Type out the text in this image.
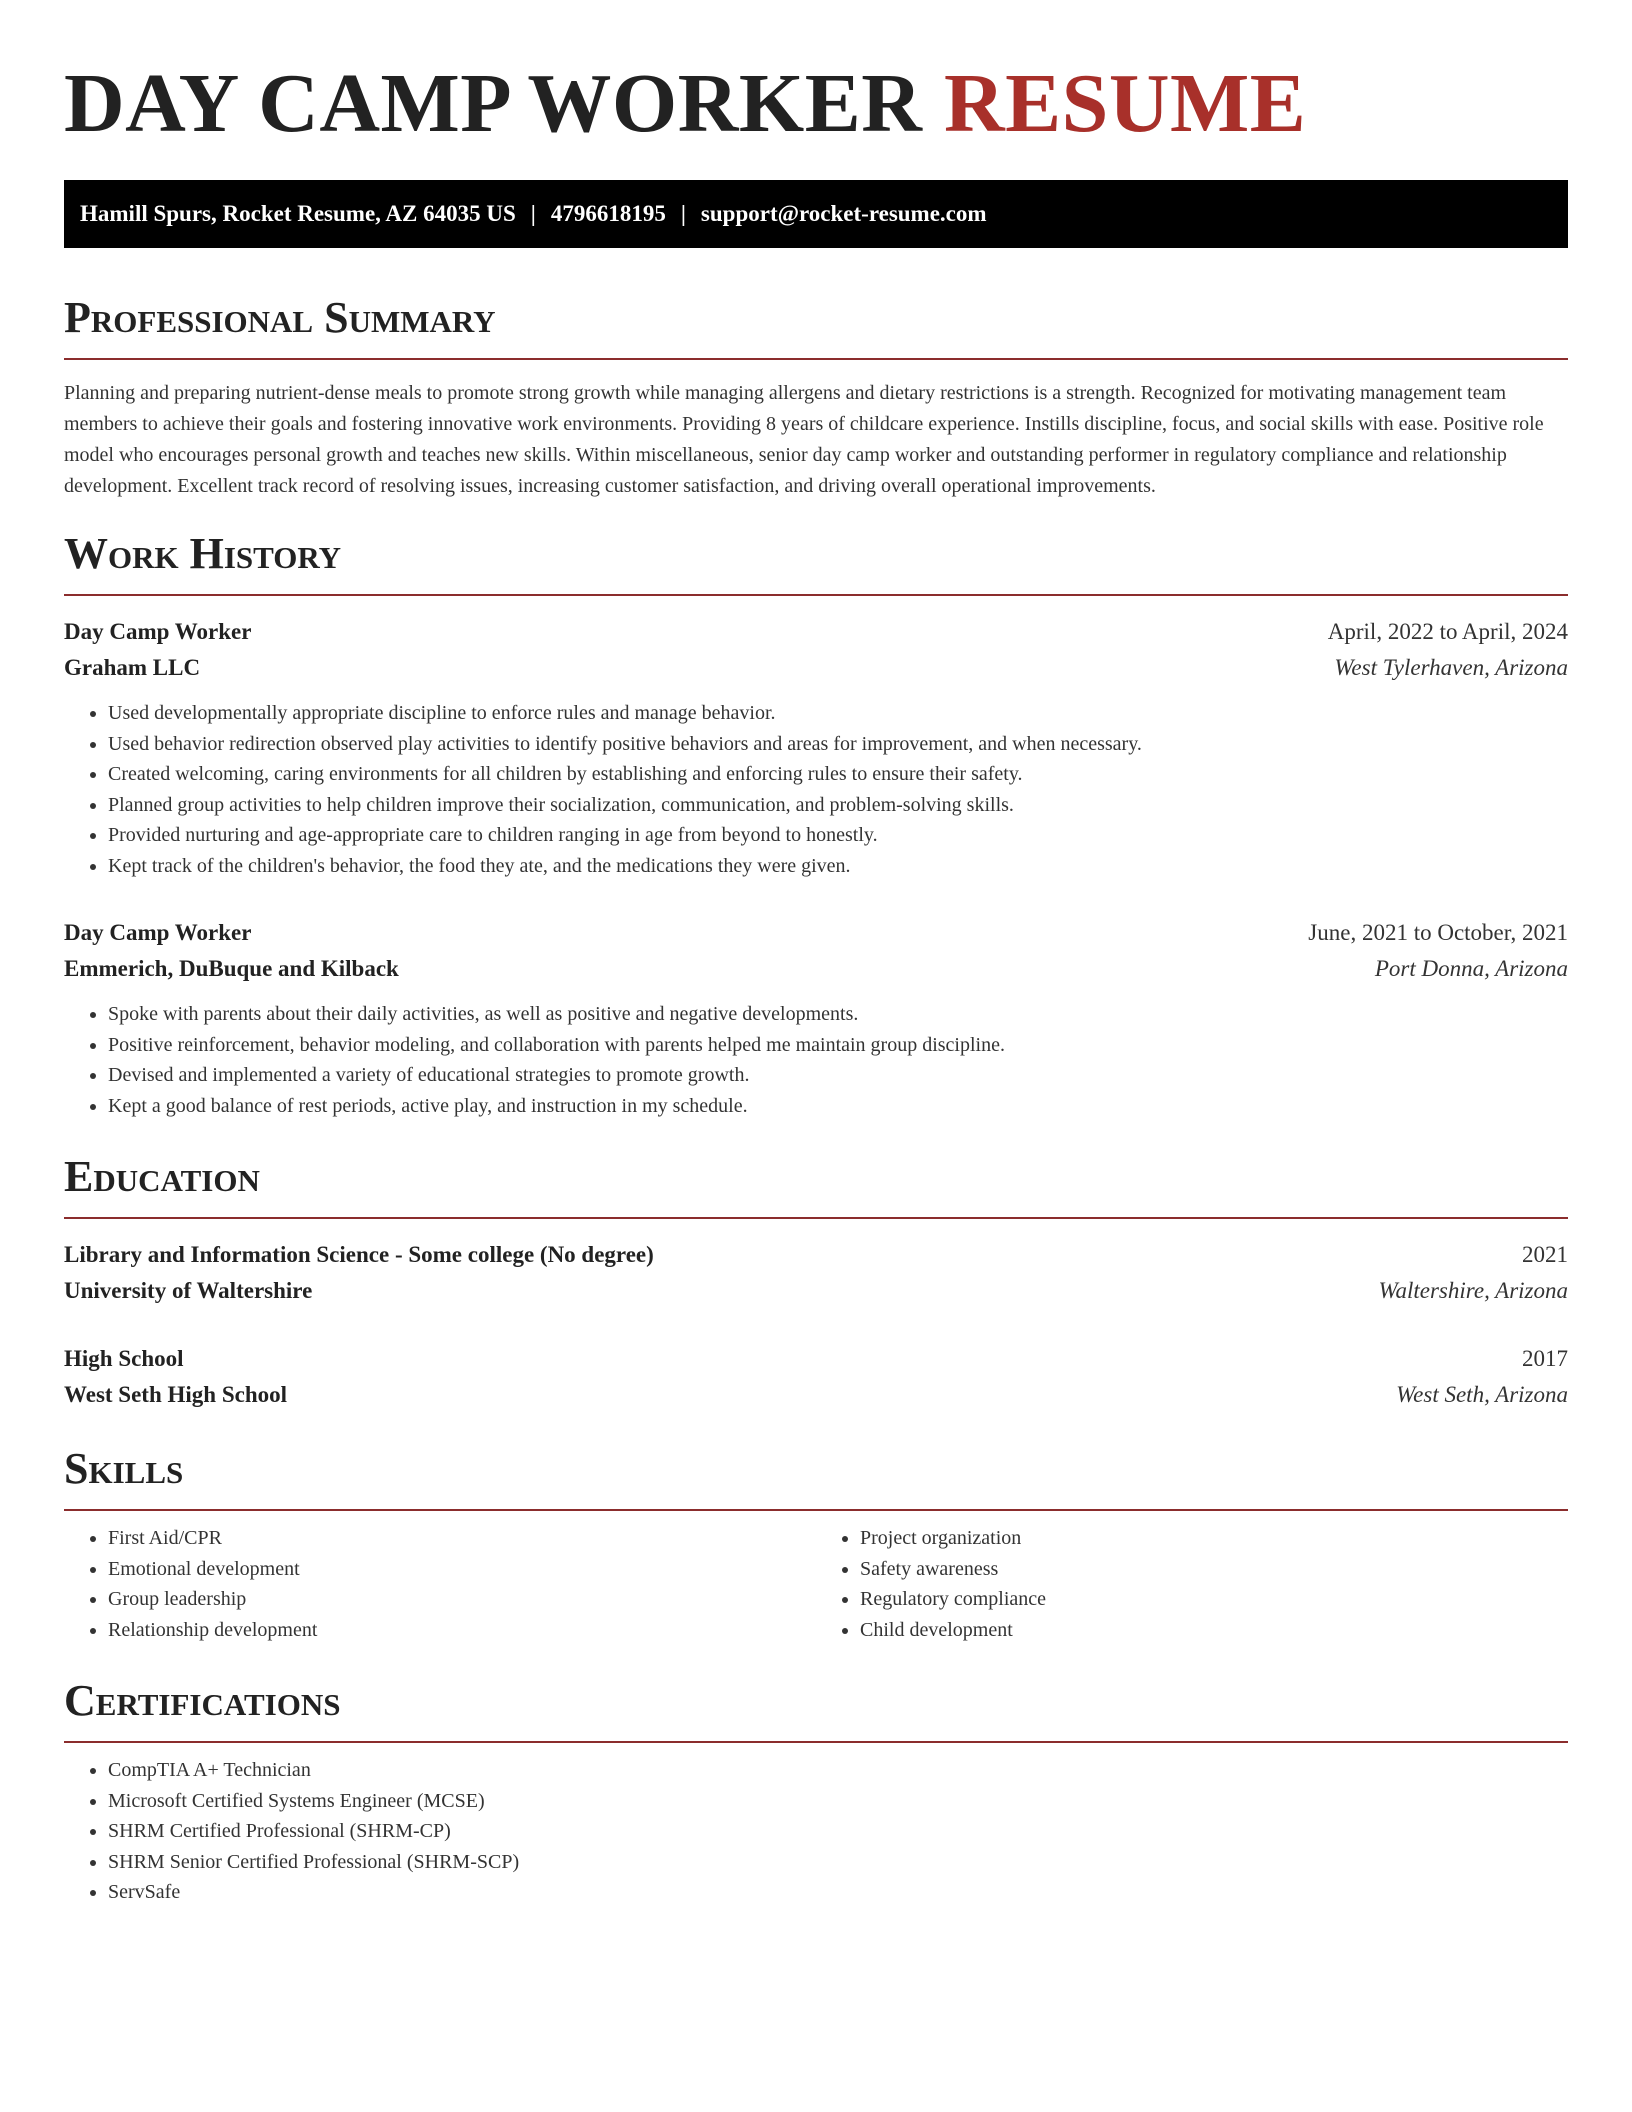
DAY CAMP WORKER RESUME
Hamill Spurs, Rocket Resume, AZ 64035 US | 4796618195 | support@rocket-resume.com
Professional Summary

Planning and preparing nutrient-dense meals to promote strong growth while managing allergens and dietary restrictions is a strength. Recognized for motivating management team members to achieve their goals and fostering innovative work environments. Providing 8 years of childcare experience. Instills discipline, focus, and social skills with ease. Positive role model who encourages personal growth and teaches new skills. Within miscellaneous, senior day camp worker and outstanding performer in regulatory compliance and relationship development. Excellent track record of resolving issues, increasing customer satisfaction, and driving overall operational improvements.

Work History
Day Camp Worker	April, 2022 to April, 2024
Graham LLC	West Tylerhaven, Arizona
• Used developmentally appropriate discipline to enforce rules and manage behavior.
• Used behavior redirection observed play activities to identify positive behaviors and areas for improvement, and when necessary.
• Created welcoming, caring environments for all children by establishing and enforcing rules to ensure their safety.
• Planned group activities to help children improve their socialization, communication, and problem-solving skills.
• Provided nurturing and age-appropriate care to children ranging in age from beyond to honestly.
• Kept track of the children's behavior, the food they ate, and the medications they were given.
Day Camp Worker	June, 2021 to October, 2021
Emmerich, DuBuque and Kilback	Port Donna, Arizona
• Spoke with parents about their daily activities, as well as positive and negative developments.
• Positive reinforcement, behavior modeling, and collaboration with parents helped me maintain group discipline.
• Devised and implemented a variety of educational strategies to promote growth.
• Kept a good balance of rest periods, active play, and instruction in my schedule.
Education
Library and Information Science - Some college (No degree)	2021
University of Waltershire	Waltershire, Arizona
High School	2017
West Seth High School	West Seth, Arizona
Skills
• First Aid/CPR
• Emotional development
• Group leadership
• Relationship development
• Project organization
• Safety awareness
• Regulatory compliance
• Child development
Certifications
• CompTIA A+ Technician
• Microsoft Certified Systems Engineer (MCSE)
• SHRM Certified Professional (SHRM-CP)
• SHRM Senior Certified Professional (SHRM-SCP)
• ServSafe
